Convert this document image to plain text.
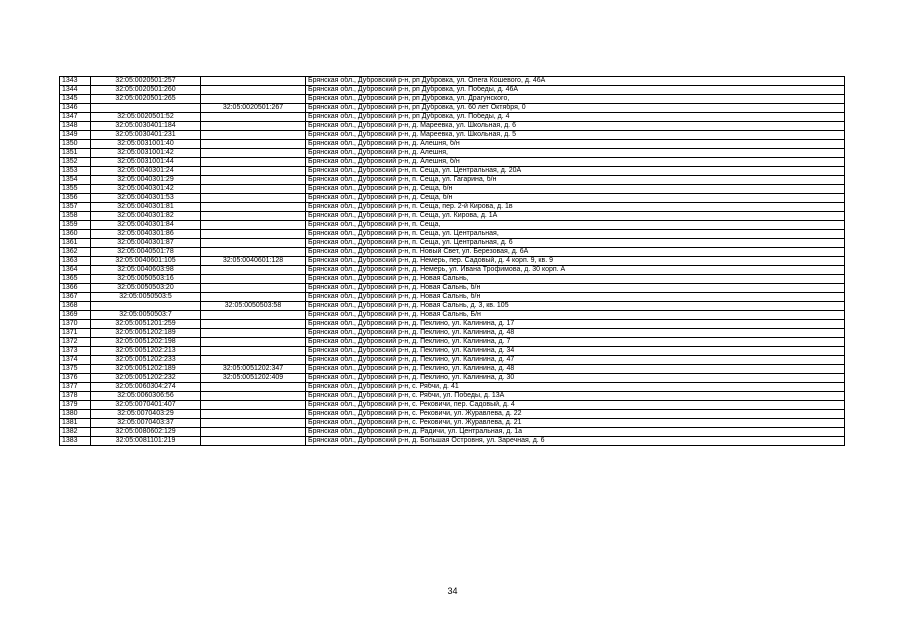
1343	32:05:0020501:257		Брянская обл., Дубровский р-н, рп Дубровка, ул. Олега Кошевого, д. 46А
1344	32:05:0020501:260		Брянская обл., Дубровский р-н, рп Дубровка, ул. Победы, д. 46А
1345	32:05:0020501:265		Брянская обл., Дубровский р-н, рп Дубровка, ул. Драгунского,
1346		32:05:0020501:267	Брянская обл., Дубровский р-н, рп Дубровка, ул. 60 лет Октября, 0
1347	32:05:0020501:52		Брянская обл., Дубровский р-н, рп Дубровка, ул. Победы, д. 4
1348	32:05:0030401:184		Брянская обл., Дубровский р-н, д. Мареевка, ул. Школьная, д. 6
1349	32:05:0030401:231		Брянская обл., Дубровский р-н, д. Мареевка, ул. Школьная, д. 5
1350	32:05:0031001:40		Брянская обл., Дубровский р-н, д. Алешня, б/н
1351	32:05:0031001:42		Брянская обл., Дубровский р-н, д. Алешня,
1352	32:05:0031001:44		Брянская обл., Дубровский р-н, д. Алешня, б/н
1353	32:05:0040301:24		Брянская обл., Дубровский р-н, п. Сеща, ул. Центральная, д. 20А
1354	32:05:0040301:29		Брянская обл., Дубровский р-н, п. Сеща, ул. Гагарина, б/н
1355	32:05:0040301:42		Брянская обл., Дубровский р-н, д. Сеща, б/н
1356	32:05:0040301:53		Брянская обл., Дубровский р-н, д. Сеща, б/н
1357	32:05:0040301:81		Брянская обл., Дубровский р-н, п. Сеща, пер. 2-й Кирова, д. 1в
1358	32:05:0040301:82		Брянская обл., Дубровский р-н, п. Сеща, ул. Кирова, д. 1А
1359	32:05:0040301:84		Брянская обл., Дубровский р-н, п. Сеща,
1360	32:05:0040301:86		Брянская обл., Дубровский р-н, п. Сеща, ул. Центральная,
1361	32:05:0040301:87		Брянская обл., Дубровский р-н, п. Сеща, ул. Центральная, д. 6
1362	32:05:0040501:78		Брянская обл., Дубровский р-н, п. Новый Свет, ул. Березовая, д. 6А
1363	32:05:0040601:105	32:05:0040601:128	Брянская обл., Дубровский р-н, д. Немерь, пер. Садовый, д. 4 корп. 9, кв. 9
1364	32:05:0040603:98		Брянская обл., Дубровский р-н, д. Немерь, ул. Ивана Трофимова, д. 30 корп. А
1365	32:05:0050503:16		Брянская обл., Дубровский р-н, д. Новая Сальнь,
1366	32:05:0050503:20		Брянская обл., Дубровский р-н, д. Новая Сальнь, б/н
1367	32:05:0050503:5		Брянская обл., Дубровский р-н, д. Новая Сальнь, б/н
1368		32:05:0050503:58	Брянская обл., Дубровский р-н, д. Новая Сальнь, д. 3, кв. 105
1369	32:05:0050503:7		Брянская обл., Дубровский р-н, д. Новая Сальнь, Б/н
1370	32:05:0051201:259		Брянская обл., Дубровский р-н, д. Пеклино, ул. Калинина, д. 17
1371	32:05:0051202:189		Брянская обл., Дубровский р-н, д. Пеклино, ул. Калинина, д. 48
1372	32:05:0051202:198		Брянская обл., Дубровский р-н, д. Пеклино, ул. Калинина, д. 7
1373	32:05:0051202:213		Брянская обл., Дубровский р-н, д. Пеклино, ул. Калинина, д. 34
1374	32:05:0051202:233		Брянская обл., Дубровский р-н, д. Пеклино, ул. Калинина, д. 47
1375	32:05:0051202:189	32:05:0051202:347	Брянская обл., Дубровский р-н, д. Пеклино, ул. Калинина, д. 48
1376	32:05:0051202:232	32:05:0051202:409	Брянская обл., Дубровский р-н, д. Пеклино, ул. Калинина, д. 30
1377	32:05:0060304:274		Брянская обл., Дубровский р-н, с. Рябчи, д. 41
1378	32:05:0060306:56		Брянская обл., Дубровский р-н, с. Рябчи, ул. Победы, д. 13А
1379	32:05:0070401:407		Брянская обл., Дубровский р-н, с. Рековичи, пер. Садовый, д. 4
1380	32:05:0070403:29		Брянская обл., Дубровский р-н, с. Рековичи, ул. Журавлева, д. 22
1381	32:05:0070403:37		Брянская обл., Дубровский р-н, с. Рековичи, ул. Журавлева, д. 21
1382	32:05:0080602:129		Брянская обл., Дубровский р-н, д. Радичи, ул. Центральная, д. 1а
1383	32:05:0081101:219		Брянская обл., Дубровский р-н, д. Большая Островня, ул. Заречная, д. 6
34
